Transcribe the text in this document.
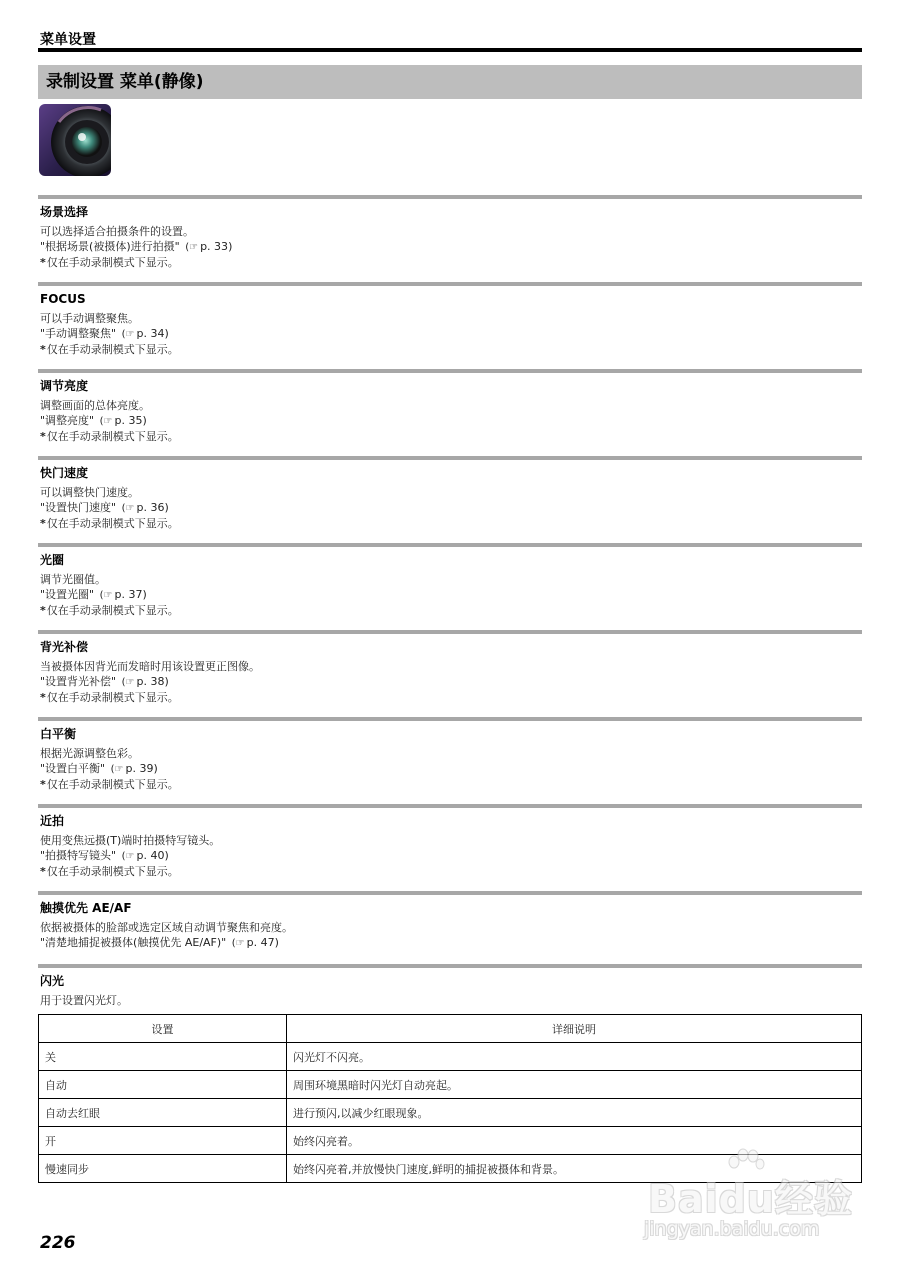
菜单设置
录制设置 菜单(静像)
场景选择
可以选择适合拍摄条件的设置。
"根据场景(被摄体)进行拍摄" (☞ p. 33)
*仅在手动录制模式下显示。
FOCUS
可以手动调整聚焦。
"手动调整聚焦" (☞ p. 34)
*仅在手动录制模式下显示。
调节亮度
调整画面的总体亮度。
"调整亮度" (☞ p. 35)
*仅在手动录制模式下显示。
快门速度
可以调整快门速度。
"设置快门速度" (☞ p. 36)
*仅在手动录制模式下显示。
光圈
调节光圈值。
"设置光圈" (☞ p. 37)
*仅在手动录制模式下显示。
背光补偿
当被摄体因背光而发暗时用该设置更正图像。
"设置背光补偿" (☞ p. 38)
*仅在手动录制模式下显示。
白平衡
根据光源调整色彩。
"设置白平衡" (☞ p. 39)
*仅在手动录制模式下显示。
近拍
使用变焦远摄(T)端时拍摄特写镜头。
"拍摄特写镜头" (☞ p. 40)
*仅在手动录制模式下显示。
触摸优先 AE/AF
依据被摄体的脸部或选定区域自动调节聚焦和亮度。
"清楚地捕捉被摄体(触摸优先 AE/AF)" (☞ p. 47)
闪光
用于设置闪光灯。
设置	详细说明
关	闪光灯不闪亮。
自动	周围环境黑暗时闪光灯自动亮起。
自动去红眼	进行预闪,以减少红眼现象。
开	始终闪亮着。
慢速同步	始终闪亮着,并放慢快门速度,鲜明的捕捉被摄体和背景。
226
Baidu经验
jingyan.baidu.com
